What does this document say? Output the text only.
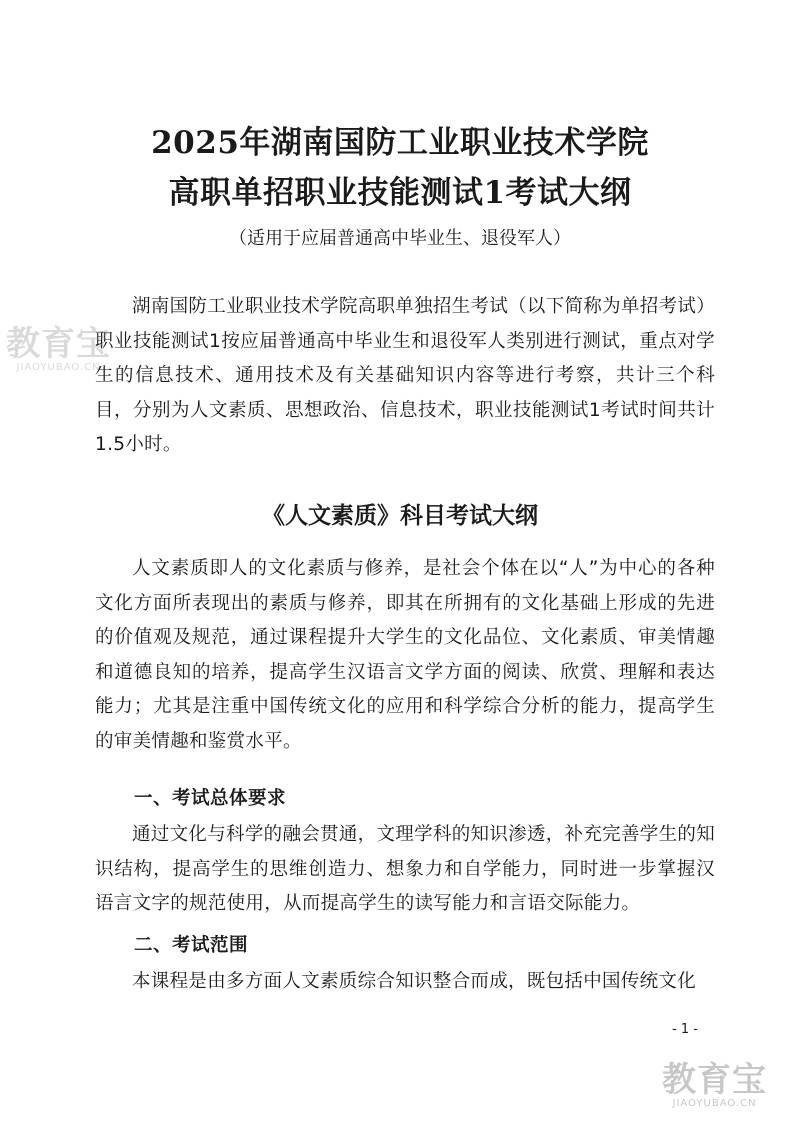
2025年湖南国防工业职业技术学院
高职单招职业技能测试1考试大纲

（适用于应届普通高中毕业生、退役军人）

湖南国防工业职业技术学院高职单独招生考试（以下简称为单招考试）职业技能测试1按应届普通高中毕业生和退役军人类别进行测试，重点对学生的信息技术、通用技术及有关基础知识内容等进行考察，共计三个科目，分别为人文素质、思想政治、信息技术，职业技能测试1考试时间共计1.5小时。

《人文素质》科目考试大纲

人文素质即人的文化素质与修养，是社会个体在以“人”为中心的各种文化方面所表现出的素质与修养，即其在所拥有的文化基础上形成的先进的价值观及规范，通过课程提升大学生的文化品位、文化素质、审美情趣和道德良知的培养，提高学生汉语言文学方面的阅读、欣赏、理解和表达能力；尤其是注重中国传统文化的应用和科学综合分析的能力，提高学生的审美情趣和鉴赏水平。

一、考试总体要求

通过文化与科学的融会贯通，文理学科的知识渗透，补充完善学生的知识结构，提高学生的思维创造力、想象力和自学能力，同时进一步掌握汉语言文字的规范使用，从而提高学生的读写能力和言语交际能力。

二、考试范围

本课程是由多方面人文素质综合知识整合而成，既包括中国传统文化

- 1 -
教育宝
JIAOYUBAO.CN
教育宝
JIAOYUBAO.CN
